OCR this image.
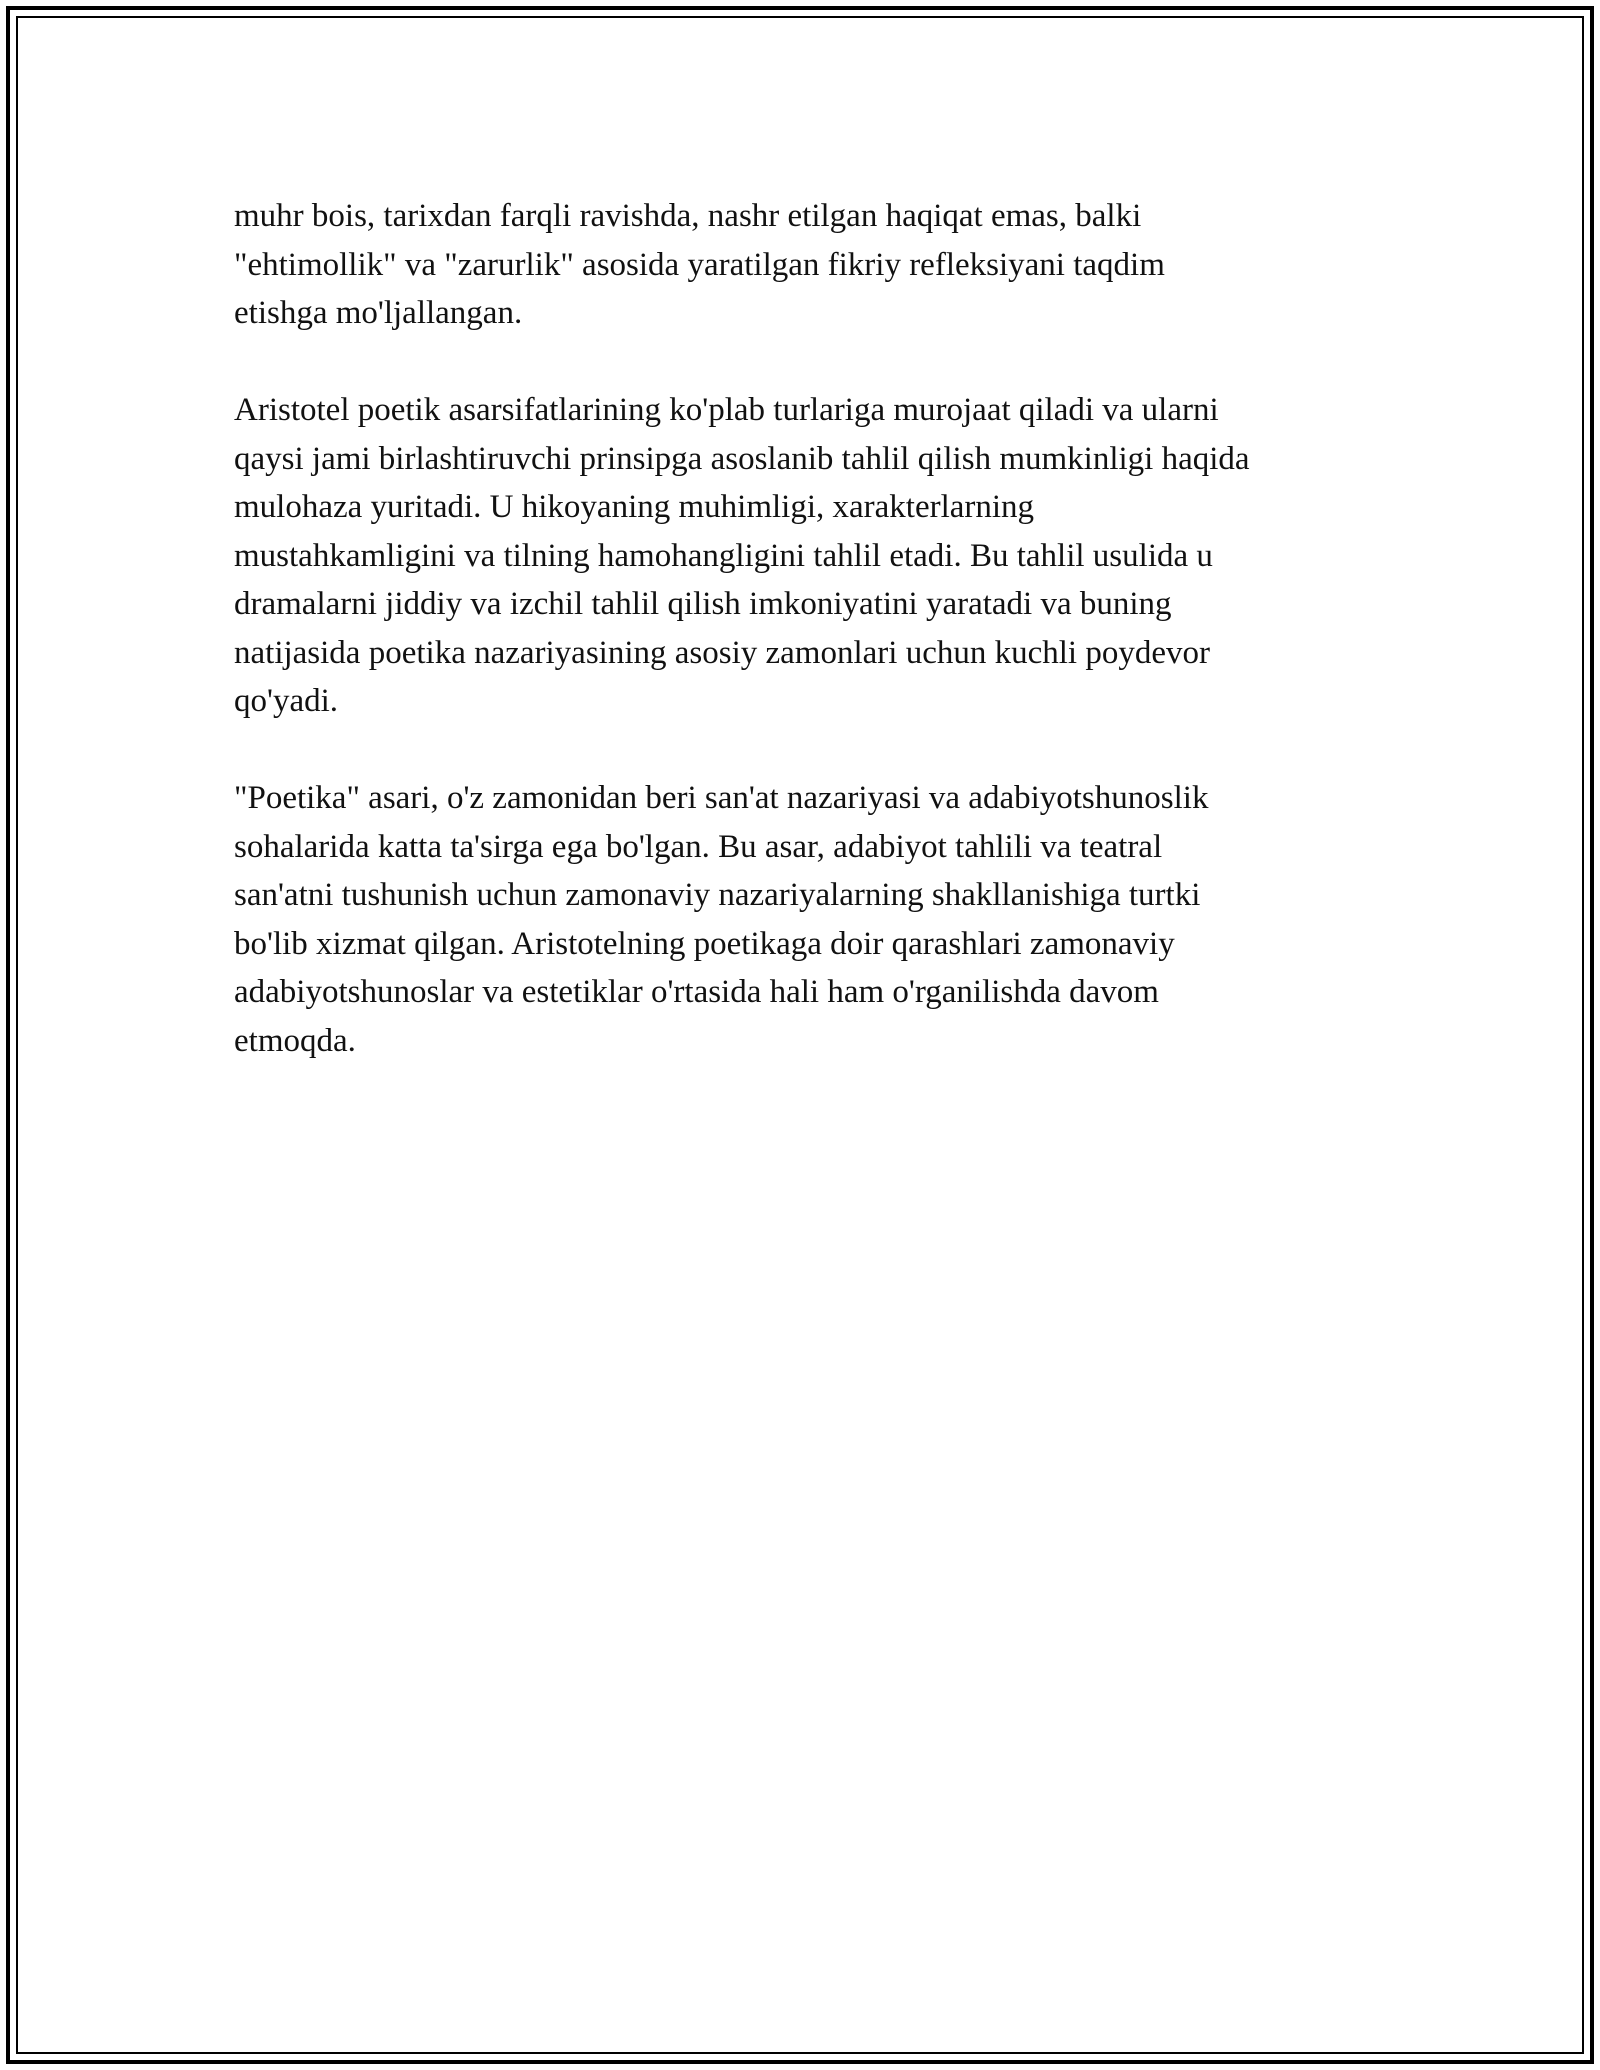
muhr bois, tarixdan farqli ravishda, nashr etilgan haqiqat emas, balki
"ehtimollik" va "zarurlik" asosida yaratilgan fikriy refleksiyani taqdim
etishga mo'ljallangan.

Aristotel poetik asarsifatlarining ko'plab turlariga murojaat qiladi va ularni
qaysi jami birlashtiruvchi prinsipga asoslanib tahlil qilish mumkinligi haqida
mulohaza yuritadi. U hikoyaning muhimligi, xarakterlarning
mustahkamligini va tilning hamohangligini tahlil etadi. Bu tahlil usulida u
dramalarni jiddiy va izchil tahlil qilish imkoniyatini yaratadi va buning
natijasida poetika nazariyasining asosiy zamonlari uchun kuchli poydevor
qo'yadi.

"Poetika" asari, o'z zamonidan beri san'at nazariyasi va adabiyotshunoslik
sohalarida katta ta'sirga ega bo'lgan. Bu asar, adabiyot tahlili va teatral
san'atni tushunish uchun zamonaviy nazariyalarning shakllanishiga turtki
bo'lib xizmat qilgan. Aristotelning poetikaga doir qarashlari zamonaviy
adabiyotshunoslar va estetiklar o'rtasida hali ham o'rganilishda davom
etmoqda.
